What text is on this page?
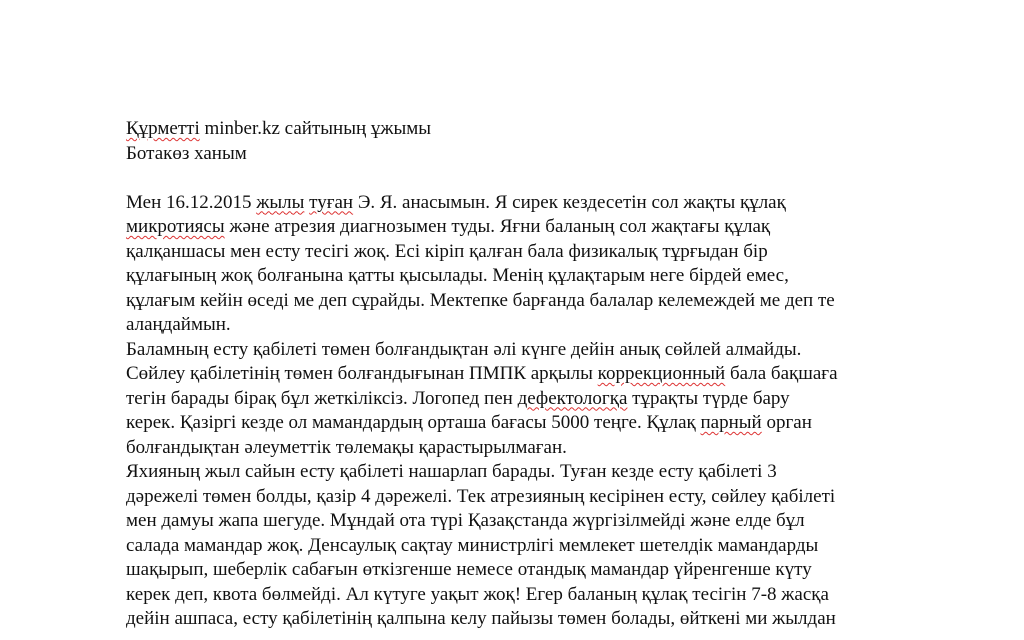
Құрметті minber.kz сайтының ұжымы
Ботакөз ханым
Мен 16.12.2015 жылы туған Э. Я. анасымын. Я сирек кездесетін сол жақты құлақ
микротиясы және атрезия диагнозымен туды. Яғни баланың сол жақтағы құлақ
қалқаншасы мен есту тесігі жоқ. Есі кіріп қалған бала физикалық тұрғыдан бір
құлағының жоқ болғанына қатты қысылады. Менің құлақтарым неге бірдей емес,
құлағым кейін өседі ме деп сұрайды. Мектепке барғанда балалар келемеждей ме деп те
алаңдаймын.
Баламның есту қабілеті төмен болғандықтан әлі күнге дейін анық сөйлей алмайды.
Сөйлеу қабілетінің төмен болғандығынан ПМПК арқылы коррекционный бала бақшаға
тегін барады бірақ бұл жеткіліксіз. Логопед пен дефектологқа тұрақты түрде бару
керек. Қазіргі кезде ол мамандардың орташа бағасы 5000 теңге. Құлақ парный орган
болғандықтан әлеуметтік төлемақы қарастырылмаған.
Яхияның жыл сайын есту қабілеті нашарлап барады. Туған кезде есту қабілеті 3
дәрежелі төмен болды, қазір 4 дәрежелі. Тек атрезияның кесірінен есту, сөйлеу қабілеті
мен дамуы жапа шегуде. Мұндай ота түрі Қазақстанда жүргізілмейді және елде бұл
салада мамандар жоқ. Денсаулық сақтау министрлігі мемлекет шетелдік мамандарды
шақырып, шеберлік сабағын өткізгенше немесе отандық мамандар үйренгенше күту
керек деп, квота бөлмейді. Ал күтуге уақыт жоқ! Егер баланың құлақ тесігін 7-8 жасқа
дейін ашпаса, есту қабілетінің қалпына келу пайызы төмен болады, өйткені ми жылдан
